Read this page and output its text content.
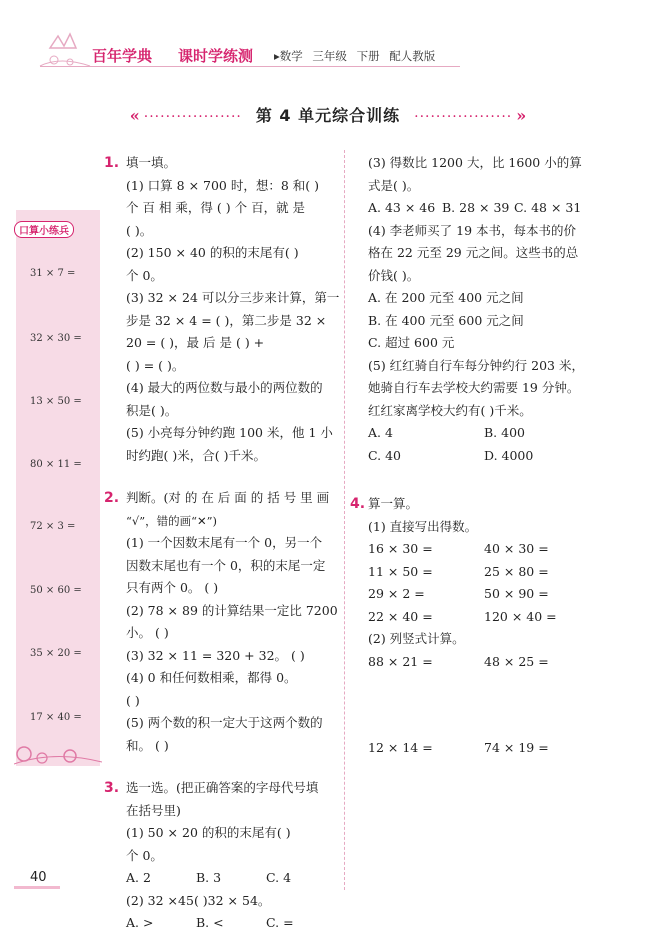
百年学典 课时学练测 ▸数学 三年级 下册 配人教版
« ·················· 第 4 单元综合训练 ·················· »
口算小练兵
31 × 7 =
32 × 30 =
13 × 50 =
80 × 11 =
72 × 3 =
50 × 60 =
35 × 20 =
17 × 40 =
1. 填一填。
(1) 口算 8 × 700 时，想：8 和( )
个 百 相 乘，得 ( ) 个 百，就 是
( )。
(2) 150 × 40 的积的末尾有( )
个 0。
(3) 32 × 24 可以分三步来计算，第一
步是 32 × 4 = ( )，第二步是 32 ×
20 = ( )，最 后 是 ( ) +
( ) = ( )。
(4) 最大的两位数与最小的两位数的
积是( )。
(5) 小亮每分钟约跑 100 米，他 1 小
时约跑( )米，合( )千米。
2. 判断。(对 的 在 后 面 的 括 号 里 画
“√”，错的画“✕”)
(1) 一个因数末尾有一个 0，另一个
因数末尾也有一个 0，积的末尾一定
只有两个 0。 ( )
(2) 78 × 89 的计算结果一定比 7200
小。 ( )
(3) 32 × 11 = 320 + 32。 ( )
(4) 0 和任何数相乘，都得 0。
( )
(5) 两个数的积一定大于这两个数的
和。 ( )
3. 选一选。(把正确答案的字母代号填
在括号里)
(1) 50 × 20 的积的末尾有( )
个 0。
A. 2	B. 3	C. 4
(2) 32 ×45( )32 × 54。
A. >	B. <	C. =
(3) 得数比 1200 大，比 1600 小的算
式是( )。
A. 43 × 46 B. 28 × 39 C. 48 × 31
(4) 李老师买了 19 本书，每本书的价
格在 22 元至 29 元之间。这些书的总
价钱( )。
A. 在 200 元至 400 元之间
B. 在 400 元至 600 元之间
C. 超过 600 元
(5) 红红骑自行车每分钟约行 203 米，
她骑自行车去学校大约需要 19 分钟。
红红家离学校大约有( )千米。
A. 4	B. 400
C. 40	D. 4000
4. 算一算。
(1) 直接写出得数。
16 × 30 =	40 × 30 =
11 × 50 =	25 × 80 =
29 × 2 =	50 × 90 =
22 × 40 =	120 × 40 =
(2) 列竖式计算。
88 × 21 =	48 × 25 =
12 × 14 =	74 × 19 =
40
